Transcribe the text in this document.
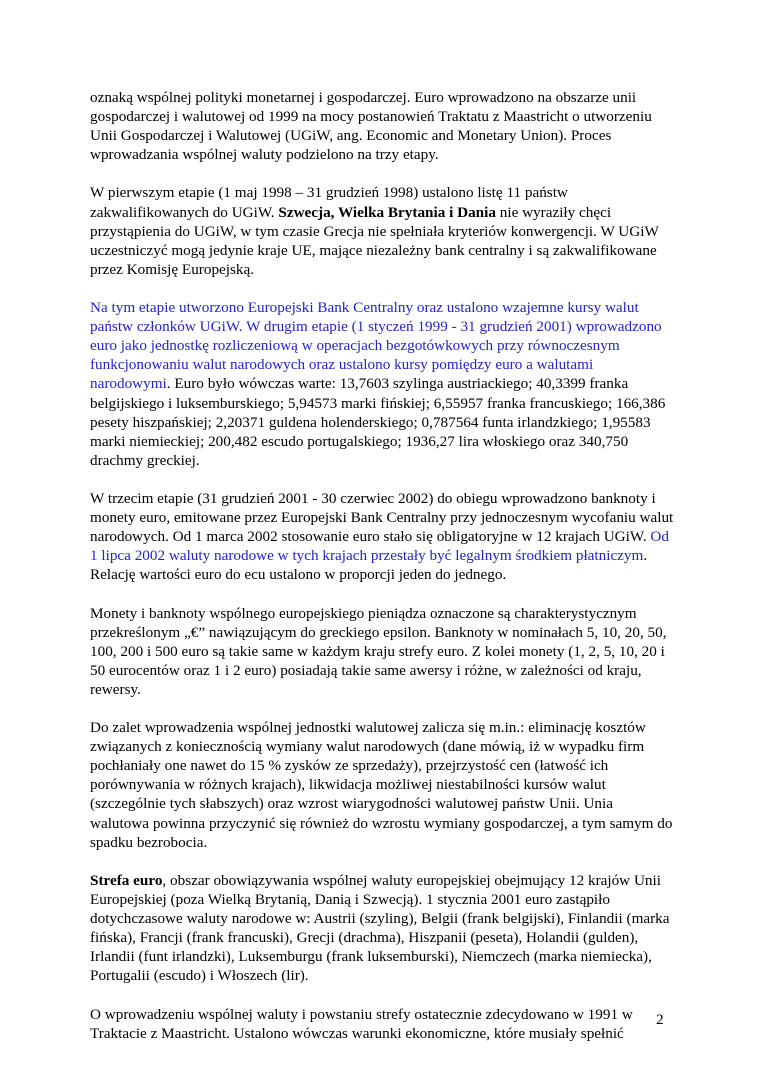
oznaką wspólnej polityki monetarnej i gospodarczej. Euro wprowadzono na obszarze unii gospodarczej i walutowej od 1999 na mocy postanowień Traktatu z Maastricht o utworzeniu Unii Gospodarczej i Walutowej (UGiW, ang. Economic and Monetary Union). Proces wprowadzania wspólnej waluty podzielono na trzy etapy.

W pierwszym etapie (1 maj 1998 – 31 grudzień 1998) ustalono listę 11 państw zakwalifikowanych do UGiW. Szwecja, Wielka Brytania i Dania nie wyraziły chęci przystąpienia do UGiW, w tym czasie Grecja nie spełniała kryteriów konwergencji. W UGiW uczestniczyć mogą jedynie kraje UE, mające niezależny bank centralny i są zakwalifikowane przez Komisję Europejską.

Na tym etapie utworzono Europejski Bank Centralny oraz ustalono wzajemne kursy walut państw członków UGiW. W drugim etapie (1 styczeń 1999 - 31 grudzień 2001) wprowadzono euro jako jednostkę rozliczeniową w operacjach bezgotówkowych przy równoczesnym funkcjonowaniu walut narodowych oraz ustalono kursy pomiędzy euro a walutami narodowymi. Euro było wówczas warte: 13,7603 szylinga austriackiego; 40,3399 franka belgijskiego i luksemburskiego; 5,94573 marki fińskiej; 6,55957 franka francuskiego; 166,386 pesety hiszpańskiej; 2,20371 guldena holenderskiego; 0,787564 funta irlandzkiego; 1,95583 marki niemieckiej; 200,482 escudo portugalskiego; 1936,27 lira włoskiego oraz 340,750 drachmy greckiej.

W trzecim etapie (31 grudzień 2001 - 30 czerwiec 2002) do obiegu wprowadzono banknoty i monety euro, emitowane przez Europejski Bank Centralny przy jednoczesnym wycofaniu walut narodowych. Od 1 marca 2002 stosowanie euro stało się obligatoryjne w 12 krajach UGiW. Od 1 lipca 2002 waluty narodowe w tych krajach przestały być legalnym środkiem płatniczym. Relację wartości euro do ecu ustalono w proporcji jeden do jednego.

Monety i banknoty wspólnego europejskiego pieniądza oznaczone są charakterystycznym przekreślonym „€” nawiązującym do greckiego epsilon. Banknoty w nominałach 5, 10, 20, 50, 100, 200 i 500 euro są takie same w każdym kraju strefy euro. Z kolei monety (1, 2, 5, 10, 20 i 50 eurocentów oraz 1 i 2 euro) posiadają takie same awersy i różne, w zależności od kraju, rewersy.

Do zalet wprowadzenia wspólnej jednostki walutowej zalicza się m.in.: eliminację kosztów związanych z koniecznością wymiany walut narodowych (dane mówią, iż w wypadku firm pochłaniały one nawet do 15 % zysków ze sprzedaży), przejrzystość cen (łatwość ich porównywania w różnych krajach), likwidacja możliwej niestabilności kursów walut (szczególnie tych słabszych) oraz wzrost wiarygodności walutowej państw Unii. Unia walutowa powinna przyczynić się również do wzrostu wymiany gospodarczej, a tym samym do spadku bezrobocia.

Strefa euro, obszar obowiązywania wspólnej waluty europejskiej obejmujący 12 krajów Unii Europejskiej (poza Wielką Brytanią, Danią i Szwecją). 1 stycznia 2001 euro zastąpiło dotychczasowe waluty narodowe w: Austrii (szyling), Belgii (frank belgijski), Finlandii (marka fińska), Francji (frank francuski), Grecji (drachma), Hiszpanii (peseta), Holandii (gulden), Irlandii (funt irlandzki), Luksemburgu (frank luksemburski), Niemczech (marka niemiecka), Portugalii (escudo) i Włoszech (lir).

O wprowadzeniu wspólnej waluty i powstaniu strefy ostatecznie zdecydowano w 1991 w Traktacie z Maastricht. Ustalono wówczas warunki ekonomiczne, które musiały spełnić

2
